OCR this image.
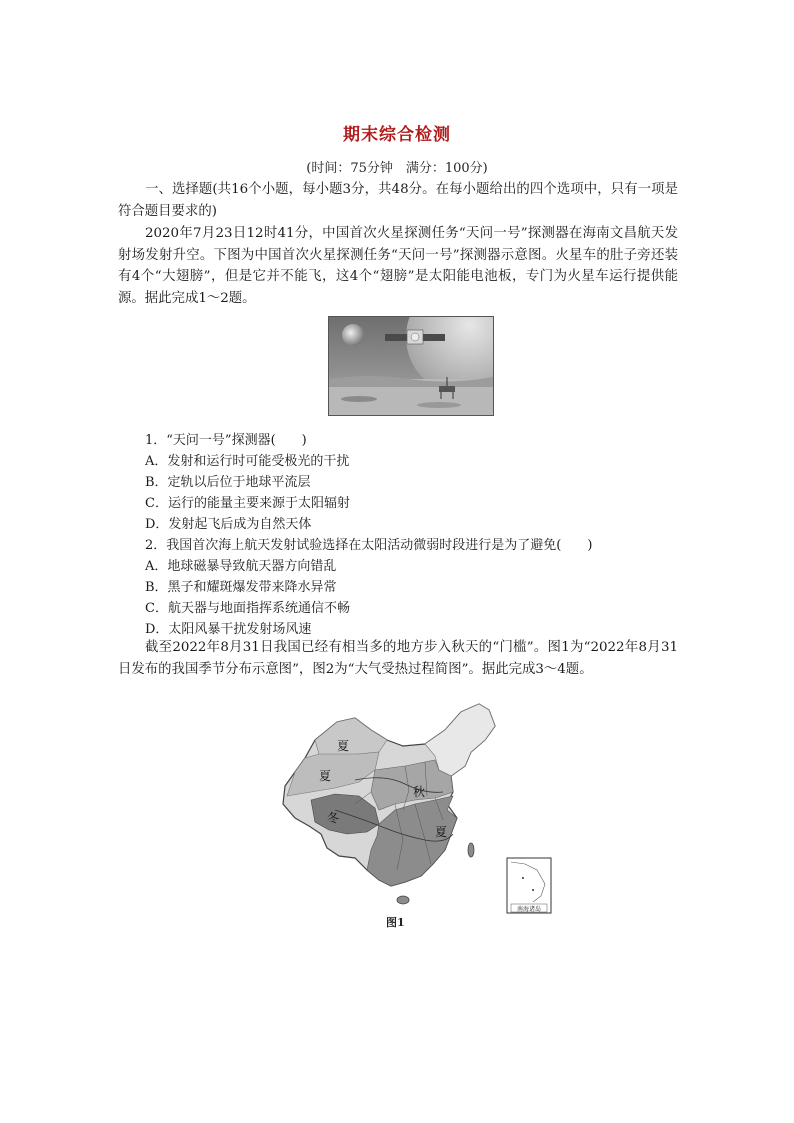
期末综合检测
(时间：75分钟　满分：100分)
一、选择题(共16个小题，每小题3分，共48分。在每小题给出的四个选项中，只有一项是符合题目要求的)
2020年7月23日12时41分，中国首次火星探测任务“天问一号”探测器在海南文昌航天发射场发射升空。下图为中国首次火星探测任务“天问一号”探测器示意图。火星车的肚子旁还装有4个“大翅膀”，但是它并不能飞，这4个“翅膀”是太阳能电池板，专门为火星车运行提供能源。据此完成1～2题。
1．“天问一号”探测器(　　)
A．发射和运行时可能受极光的干扰
B．定轨以后位于地球平流层
C．运行的能量主要来源于太阳辐射
D．发射起飞后成为自然天体
2．我国首次海上航天发射试验选择在太阳活动微弱时段进行是为了避免(　　)
A．地球磁暴导致航天器方向错乱
B．黑子和耀斑爆发带来降水异常
C．航天器与地面指挥系统通信不畅
D．太阳风暴干扰发射场风速
截至2022年8月31日我国已经有相当多的地方步入秋天的“门槛”。图1为“2022年8月31日发布的我国季节分布示意图”，图2为“大气受热过程简图”。据此完成3～4题。
夏
夏
冬
秋
夏
南海诸岛
图1
